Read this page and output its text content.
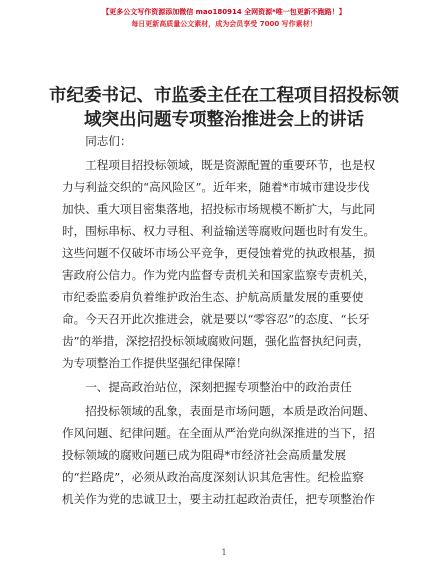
【更多公文写作资源添加微信 mao180914 全网资源*唯一包更新不跑路！】
每日更新高质量公文素材，成为会员享受 7000 写作素材！
市纪委书记、市监委主任在工程项目招投标领
域突出问题专项整治推进会上的讲话

同志们：

工程项目招投标领域，既是资源配置的重要环节，也是权
力与利益交织的“高风险区”。近年来，随着*市城市建设步伐
加快、重大项目密集落地，招投标市场规模不断扩大，与此同
时，围标串标、权力寻租、利益输送等腐败问题也时有发生。
这些问题不仅破坏市场公平竞争，更侵蚀着党的执政根基，损
害政府公信力。作为党内监督专责机关和国家监察专责机关，
市纪委监委肩负着维护政治生态、护航高质量发展的重要使
命。今天召开此次推进会，就是要以“零容忍”的态度、“长牙
齿”的举措，深挖招投标领域腐败问题，强化监督执纪问责，
为专项整治工作提供坚强纪律保障！

一、提高政治站位，深刻把握专项整治中的政治责任

招投标领域的乱象，表面是市场问题，本质是政治问题、
作风问题、纪律问题。在全面从严治党向纵深推进的当下，招
投标领域的腐败问题已成为阻碍*市经济社会高质量发展
的“拦路虎”，必须从政治高度深刻认识其危害性。纪检监察
机关作为党的忠诚卫士，要主动扛起政治责任，把专项整治作
1
